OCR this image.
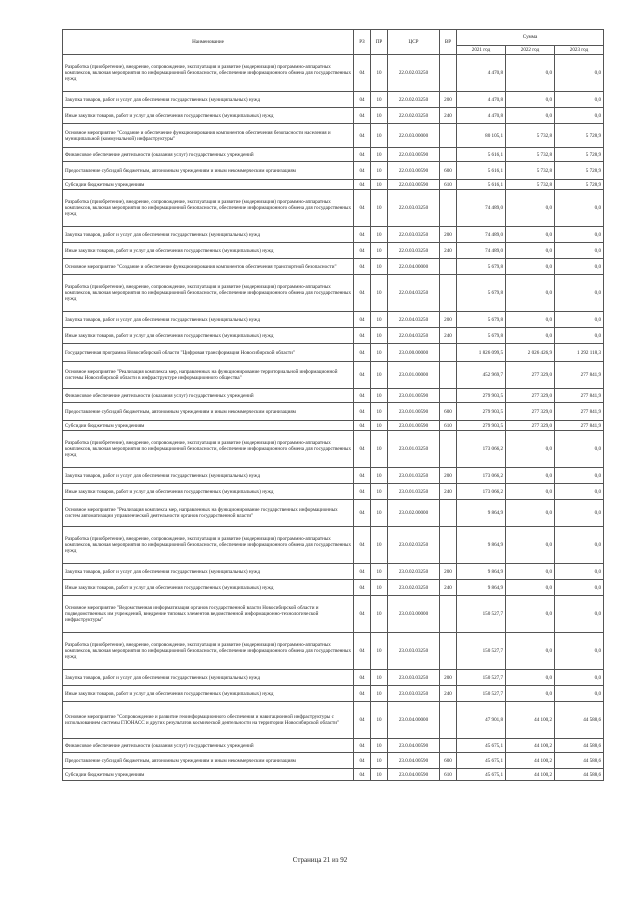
Наименование	РЗ	ПР	ЦСР	ВР	Сумма		
					2021 год	2022 год	2023 год
Разработка (приобретение), внедрение, сопровождение, эксплуатация и развитие (модернизация) программно-аппаратных комплексов, включая мероприятия по информационной безопасности, обеспечение информационного обмена для государственных нужд	04	10	22.0.02.03250		4 470,8	0,0	0,0
Закупка товаров, работ и услуг для обеспечения государственных (муниципальных) нужд	04	10	22.0.02.03250	200	4 470,8	0,0	0,0
Иные закупки товаров, работ и услуг для обеспечения государственных (муниципальных) нужд	04	10	22.0.02.03250	240	4 470,8	0,0	0,0
Основное мероприятие "Создание и обеспечение функционирования компонентов обеспечения безопасности населения и муниципальной (коммунальной) инфраструктуры"	04	10	22.0.03.00000		80 105,1	5 732,8	5 728,9
Финансовое обеспечение деятельности (оказания услуг) государственных учреждений	04	10	22.0.03.00590		5 616,1	5 732,8	5 728,9
Предоставление субсидий бюджетным, автономным учреждениям и иным некоммерческим организациям	04	10	22.0.03.00590	600	5 616,1	5 732,8	5 728,9
Субсидии бюджетным учреждениям	04	10	22.0.03.00590	610	5 616,1	5 732,8	5 728,9
Разработка (приобретение), внедрение, сопровождение, эксплуатация и развитие (модернизация) программно-аппаратных комплексов, включая мероприятия по информационной безопасности, обеспечение информационного обмена для государственных нужд	04	10	22.0.03.03250		74 489,0	0,0	0,0
Закупка товаров, работ и услуг для обеспечения государственных (муниципальных) нужд	04	10	22.0.03.03250	200	74 489,0	0,0	0,0
Иные закупки товаров, работ и услуг для обеспечения государственных (муниципальных) нужд	04	10	22.0.03.03250	240	74 489,0	0,0	0,0
Основное мероприятие "Создание и обеспечение функционирования компонентов обеспечения транспортной безопасности"	04	10	22.0.04.00000		5 679,8	0,0	0,0
Разработка (приобретение), внедрение, сопровождение, эксплуатация и развитие (модернизация) программно-аппаратных комплексов, включая мероприятия по информационной безопасности, обеспечение информационного обмена для государственных нужд	04	10	22.0.04.03250		5 679,8	0,0	0,0
Закупка товаров, работ и услуг для обеспечения государственных (муниципальных) нужд	04	10	22.0.04.03250	200	5 679,8	0,0	0,0
Иные закупки товаров, работ и услуг для обеспечения государственных (муниципальных) нужд	04	10	22.0.04.03250	240	5 679,8	0,0	0,0
Государственная программа Новосибирской области "Цифровая трансформация Новосибирской области"	04	10	23.0.00.00000		1 826 099,5	2 026 426,9	1 292 118,3
Основное мероприятие "Реализация комплекса мер, направленных на функционирование территориальной информационной системы Новосибирской области в инфраструктуре информационного общества"	04	10	23.0.01.00000		452 969,7	277 329,0	277 841,9
Финансовое обеспечение деятельности (оказания услуг) государственных учреждений	04	10	23.0.01.00590		279 903,5	277 329,0	277 841,9
Предоставление субсидий бюджетным, автономным учреждениям и иным некоммерческим организациям	04	10	23.0.01.00590	600	279 903,5	277 329,0	277 841,9
Субсидии бюджетным учреждениям	04	10	23.0.01.00590	610	279 903,5	277 329,0	277 841,9
Разработка (приобретение), внедрение, сопровождение, эксплуатация и развитие (модернизация) программно-аппаратных комплексов, включая мероприятия по информационной безопасности, обеспечение информационного обмена для государственных нужд	04	10	23.0.01.03250		173 066,2	0,0	0,0
Закупка товаров, работ и услуг для обеспечения государственных (муниципальных) нужд	04	10	23.0.01.03250	200	173 066,2	0,0	0,0
Иные закупки товаров, работ и услуг для обеспечения государственных (муниципальных) нужд	04	10	23.0.01.03250	240	173 066,2	0,0	0,0
Основное мероприятие "Реализация комплекса мер, направленных на функционирование государственных информационных систем автоматизации управленческой деятельности органов государственной власти"	04	10	23.0.02.00000		9 864,9	0,0	0,0
Разработка (приобретение), внедрение, сопровождение, эксплуатация и развитие (модернизация) программно-аппаратных комплексов, включая мероприятия по информационной безопасности, обеспечение информационного обмена для государственных нужд	04	10	23.0.02.03250		9 864,9	0,0	0,0
Закупка товаров, работ и услуг для обеспечения государственных (муниципальных) нужд	04	10	23.0.02.03250	200	9 864,9	0,0	0,0
Иные закупки товаров, работ и услуг для обеспечения государственных (муниципальных) нужд	04	10	23.0.02.03250	240	9 864,9	0,0	0,0
Основное мероприятие "Ведомственная информатизация органов государственной власти Новосибирской области и подведомственных им учреждений, внедрение типовых элементов ведомственной информационно-технологической инфраструктуры"	04	10	23.0.03.00000		150 527,7	0,0	0,0
Разработка (приобретение), внедрение, сопровождение, эксплуатация и развитие (модернизация) программно-аппаратных комплексов, включая мероприятия по информационной безопасности, обеспечение информационного обмена для государственных нужд	04	10	23.0.03.03250		150 527,7	0,0	0,0
Закупка товаров, работ и услуг для обеспечения государственных (муниципальных) нужд	04	10	23.0.03.03250	200	150 527,7	0,0	0,0
Иные закупки товаров, работ и услуг для обеспечения государственных (муниципальных) нужд	04	10	23.0.03.03250	240	150 527,7	0,0	0,0
Основное мероприятие "Сопровождение и развитие геоинформационного обеспечения и навигационной инфраструктуры с использованием системы ГЛОНАСС и других результатов космической деятельности на территории Новосибирской области"	04	10	23.0.04.00000		47 901,8	44 100,2	44 588,6
Финансовое обеспечение деятельности (оказания услуг) государственных учреждений	04	10	23.0.04.00590		45 675,1	44 100,2	44 588,6
Предоставление субсидий бюджетным, автономным учреждениям и иным некоммерческим организациям	04	10	23.0.04.00590	600	45 675,1	44 100,2	44 588,6
Субсидии бюджетным учреждениям	04	10	23.0.04.00590	610	45 675,1	44 100,2	44 588,6
Страница 21 из 92
